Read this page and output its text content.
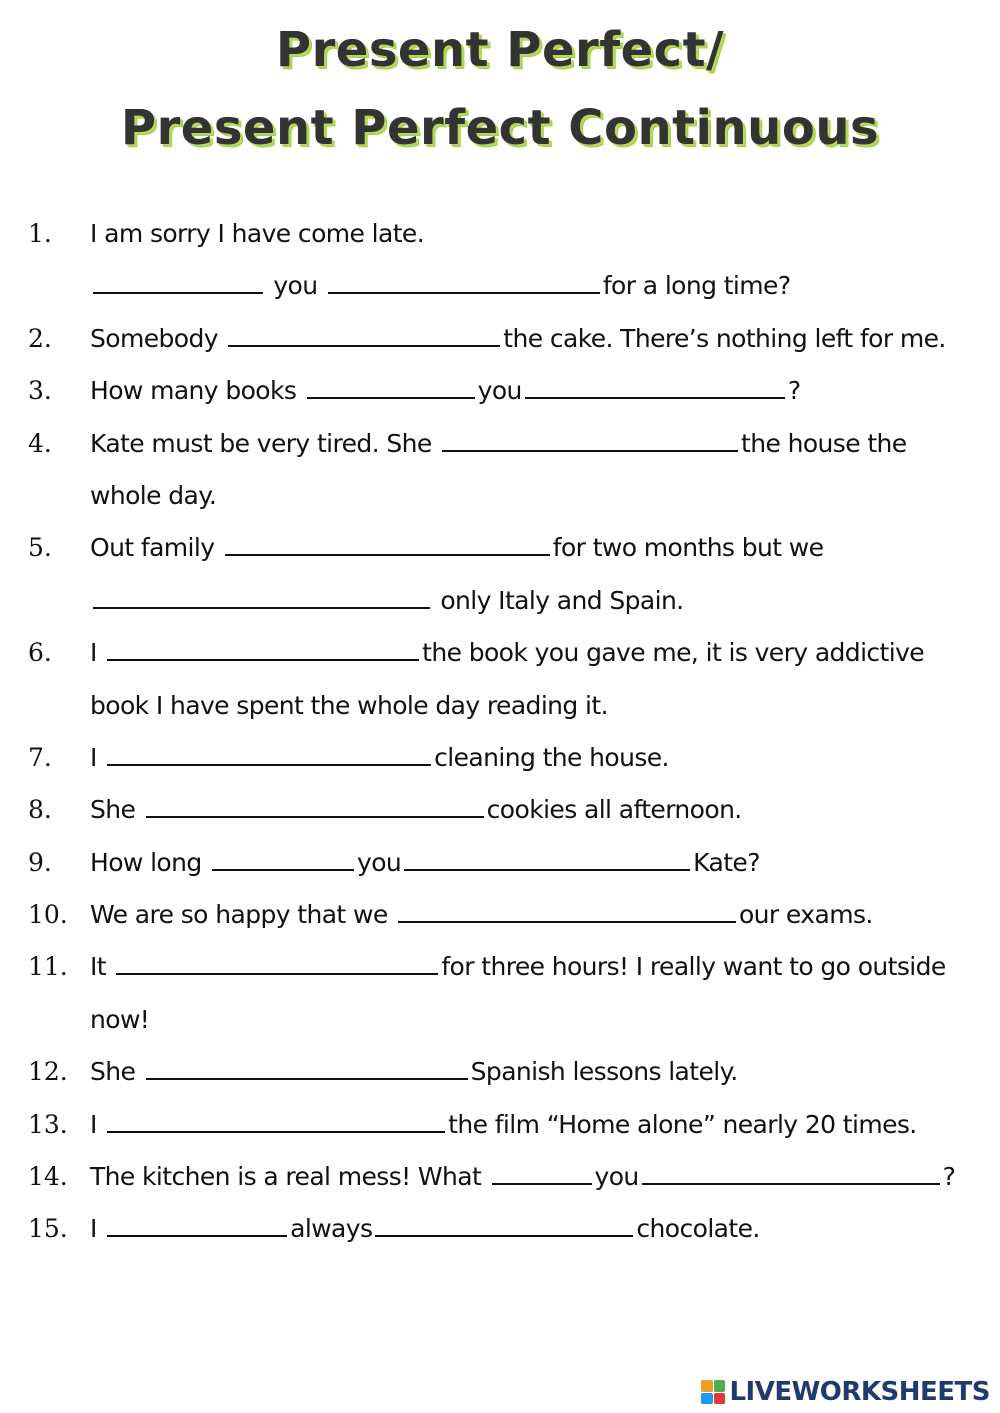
Present Perfect/
Present Perfect Continuous
1. I am sorry I have come late.
you	for a long time?
2. Somebody	the cake. There’s nothing left for me.
3. How many books	you	?
4. Kate must be very tired. She	the house the
whole day.
5. Out family	for two months but we
only Italy and Spain.
6. I	the book you gave me, it is very addictive
book I have spent the whole day reading it.
7. I	cleaning the house.
8. She	cookies all afternoon.
9. How long	you	Kate?
10. We are so happy that we	our exams.
11. It	for three hours! I really want to go outside
now!
12. She	Spanish lessons lately.
13. I	the film “Home alone” nearly 20 times.
14. The kitchen is a real mess! What	you	?
15. I	always	chocolate.
LIVEWORKSHEETS
